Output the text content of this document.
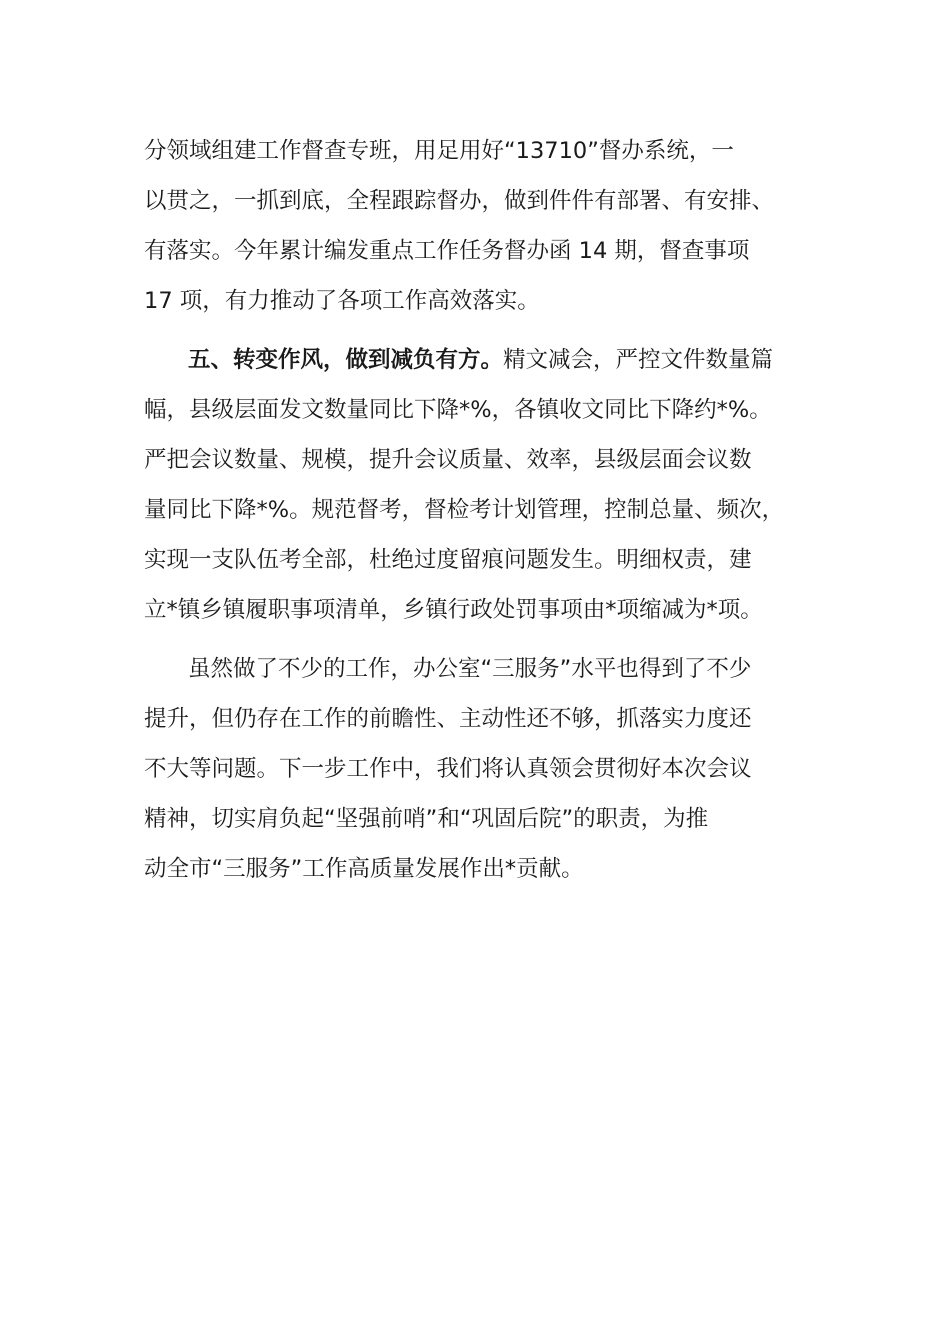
分领域组建工作督查专班，用足用好“13710”督办系统，一
以贯之，一抓到底，全程跟踪督办，做到件件有部署、有安排、
有落实。今年累计编发重点工作任务督办函 14 期，督查事项
17 项，有力推动了各项工作高效落实。
五、转变作风，做到减负有方。精文减会，严控文件数量篇
幅，县级层面发文数量同比下降*%，各镇收文同比下降约*%。
严把会议数量、规模，提升会议质量、效率，县级层面会议数
量同比下降*%。规范督考，督检考计划管理，控制总量、频次，
实现一支队伍考全部，杜绝过度留痕问题发生。明细权责，建
立*镇乡镇履职事项清单，乡镇行政处罚事项由*项缩减为*项。
虽然做了不少的工作，办公室“三服务”水平也得到了不少
提升，但仍存在工作的前瞻性、主动性还不够，抓落实力度还
不大等问题。下一步工作中，我们将认真领会贯彻好本次会议
精神，切实肩负起“坚强前哨”和“巩固后院”的职责，为推
动全市“三服务”工作高质量发展作出*贡献。
